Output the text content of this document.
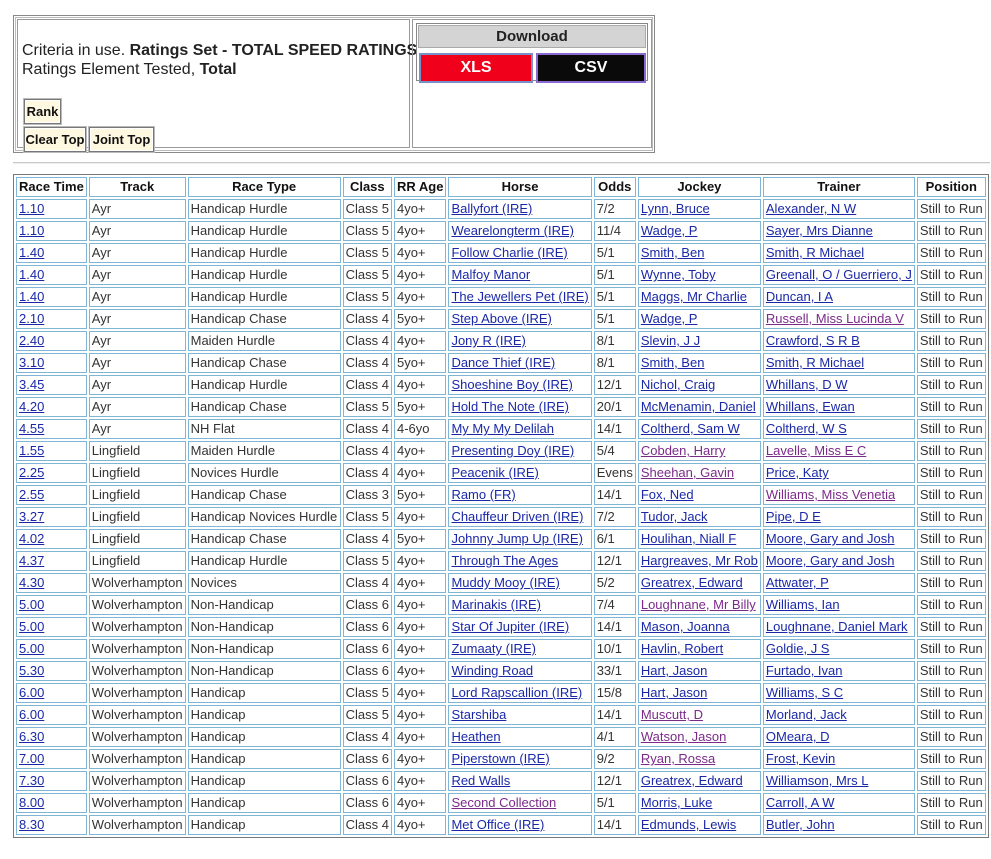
Criteria in use. Ratings Set - TOTAL SPEED RATINGS
Ratings Element Tested, Total
Rank
Clear Top Joint Top
Download
XLS	CSV
Race Time	Track	Race Type	Class	RR Age	Horse	Odds	Jockey	Trainer	Position
1.10	Ayr	Handicap Hurdle	Class 5	4yo+	Ballyfort (IRE)	7/2	Lynn, Bruce	Alexander, N W	Still to Run
1.10	Ayr	Handicap Hurdle	Class 5	4yo+	Wearelongterm (IRE)	11/4	Wadge, P	Sayer, Mrs Dianne	Still to Run
1.40	Ayr	Handicap Hurdle	Class 5	4yo+	Follow Charlie (IRE)	5/1	Smith, Ben	Smith, R Michael	Still to Run
1.40	Ayr	Handicap Hurdle	Class 5	4yo+	Malfoy Manor	5/1	Wynne, Toby	Greenall, O / Guerriero, J	Still to Run
1.40	Ayr	Handicap Hurdle	Class 5	4yo+	The Jewellers Pet (IRE)	5/1	Maggs, Mr Charlie	Duncan, I A	Still to Run
2.10	Ayr	Handicap Chase	Class 4	5yo+	Step Above (IRE)	5/1	Wadge, P	Russell, Miss Lucinda V	Still to Run
2.40	Ayr	Maiden Hurdle	Class 4	4yo+	Jony R (IRE)	8/1	Slevin, J J	Crawford, S R B	Still to Run
3.10	Ayr	Handicap Chase	Class 4	5yo+	Dance Thief (IRE)	8/1	Smith, Ben	Smith, R Michael	Still to Run
3.45	Ayr	Handicap Hurdle	Class 4	4yo+	Shoeshine Boy (IRE)	12/1	Nichol, Craig	Whillans, D W	Still to Run
4.20	Ayr	Handicap Chase	Class 5	5yo+	Hold The Note (IRE)	20/1	McMenamin, Daniel	Whillans, Ewan	Still to Run
4.55	Ayr	NH Flat	Class 4	4-6yo	My My My Delilah	14/1	Coltherd, Sam W	Coltherd, W S	Still to Run
1.55	Lingfield	Maiden Hurdle	Class 4	4yo+	Presenting Doy (IRE)	5/4	Cobden, Harry	Lavelle, Miss E C	Still to Run
2.25	Lingfield	Novices Hurdle	Class 4	4yo+	Peacenik (IRE)	Evens	Sheehan, Gavin	Price, Katy	Still to Run
2.55	Lingfield	Handicap Chase	Class 3	5yo+	Ramo (FR)	14/1	Fox, Ned	Williams, Miss Venetia	Still to Run
3.27	Lingfield	Handicap Novices Hurdle	Class 5	4yo+	Chauffeur Driven (IRE)	7/2	Tudor, Jack	Pipe, D E	Still to Run
4.02	Lingfield	Handicap Chase	Class 4	5yo+	Johnny Jump Up (IRE)	6/1	Houlihan, Niall F	Moore, Gary and Josh	Still to Run
4.37	Lingfield	Handicap Hurdle	Class 5	4yo+	Through The Ages	12/1	Hargreaves, Mr Rob	Moore, Gary and Josh	Still to Run
4.30	Wolverhampton	Novices	Class 4	4yo+	Muddy Mooy (IRE)	5/2	Greatrex, Edward	Attwater, P	Still to Run
5.00	Wolverhampton	Non-Handicap	Class 6	4yo+	Marinakis (IRE)	7/4	Loughnane, Mr Billy	Williams, Ian	Still to Run
5.00	Wolverhampton	Non-Handicap	Class 6	4yo+	Star Of Jupiter (IRE)	14/1	Mason, Joanna	Loughnane, Daniel Mark	Still to Run
5.00	Wolverhampton	Non-Handicap	Class 6	4yo+	Zumaaty (IRE)	10/1	Havlin, Robert	Goldie, J S	Still to Run
5.30	Wolverhampton	Non-Handicap	Class 6	4yo+	Winding Road	33/1	Hart, Jason	Furtado, Ivan	Still to Run
6.00	Wolverhampton	Handicap	Class 5	4yo+	Lord Rapscallion (IRE)	15/8	Hart, Jason	Williams, S C	Still to Run
6.00	Wolverhampton	Handicap	Class 5	4yo+	Starshiba	14/1	Muscutt, D	Morland, Jack	Still to Run
6.30	Wolverhampton	Handicap	Class 4	4yo+	Heathen	4/1	Watson, Jason	OMeara, D	Still to Run
7.00	Wolverhampton	Handicap	Class 6	4yo+	Piperstown (IRE)	9/2	Ryan, Rossa	Frost, Kevin	Still to Run
7.30	Wolverhampton	Handicap	Class 6	4yo+	Red Walls	12/1	Greatrex, Edward	Williamson, Mrs L	Still to Run
8.00	Wolverhampton	Handicap	Class 6	4yo+	Second Collection	5/1	Morris, Luke	Carroll, A W	Still to Run
8.30	Wolverhampton	Handicap	Class 4	4yo+	Met Office (IRE)	14/1	Edmunds, Lewis	Butler, John	Still to Run
